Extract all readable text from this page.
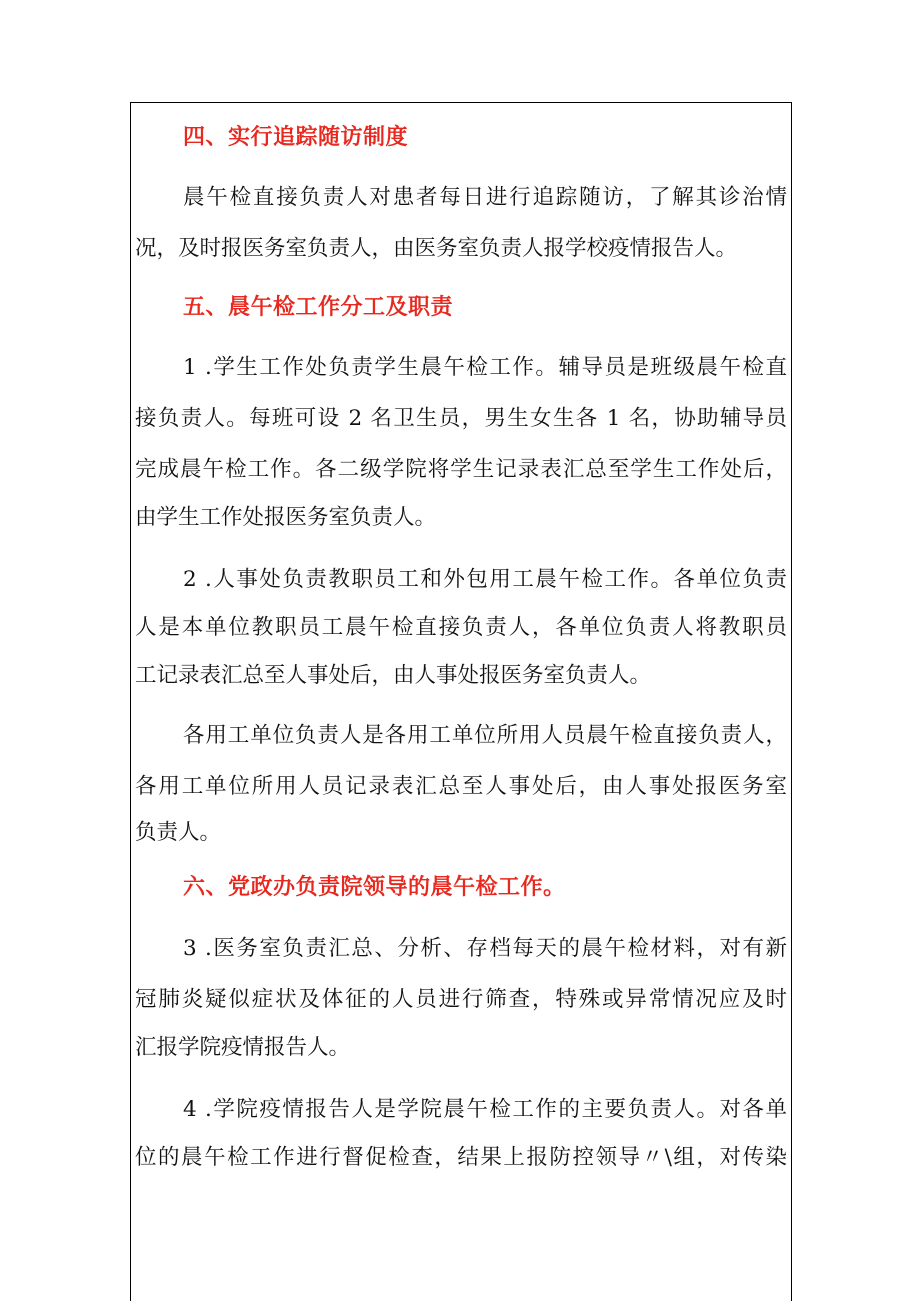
四、实行追踪随访制度

晨午检直接负责人对患者每日进行追踪随访，了解其诊治情

况，及时报医务室负责人，由医务室负责人报学校疫情报告人。

五、晨午检工作分工及职责

1 .学生工作处负责学生晨午检工作。辅导员是班级晨午检直

接负责人。每班可设 2 名卫生员，男生女生各 1 名，协助辅导员

完成晨午检工作。各二级学院将学生记录表汇总至学生工作处后，

由学生工作处报医务室负责人。

2 .人事处负责教职员工和外包用工晨午检工作。各单位负责

人是本单位教职员工晨午检直接负责人，各单位负责人将教职员

工记录表汇总至人事处后，由人事处报医务室负责人。

各用工单位负责人是各用工单位所用人员晨午检直接负责人，

各用工单位所用人员记录表汇总至人事处后，由人事处报医务室

负责人。

六、党政办负责院领导的晨午检工作。

3 .医务室负责汇总、分析、存档每天的晨午检材料，对有新

冠肺炎疑似症状及体征的人员进行筛查，特殊或异常情况应及时

汇报学院疫情报告人。

4 .学院疫情报告人是学院晨午检工作的主要负责人。对各单

位的晨午检工作进行督促检查，结果上报防控领导〃\组，对传染
